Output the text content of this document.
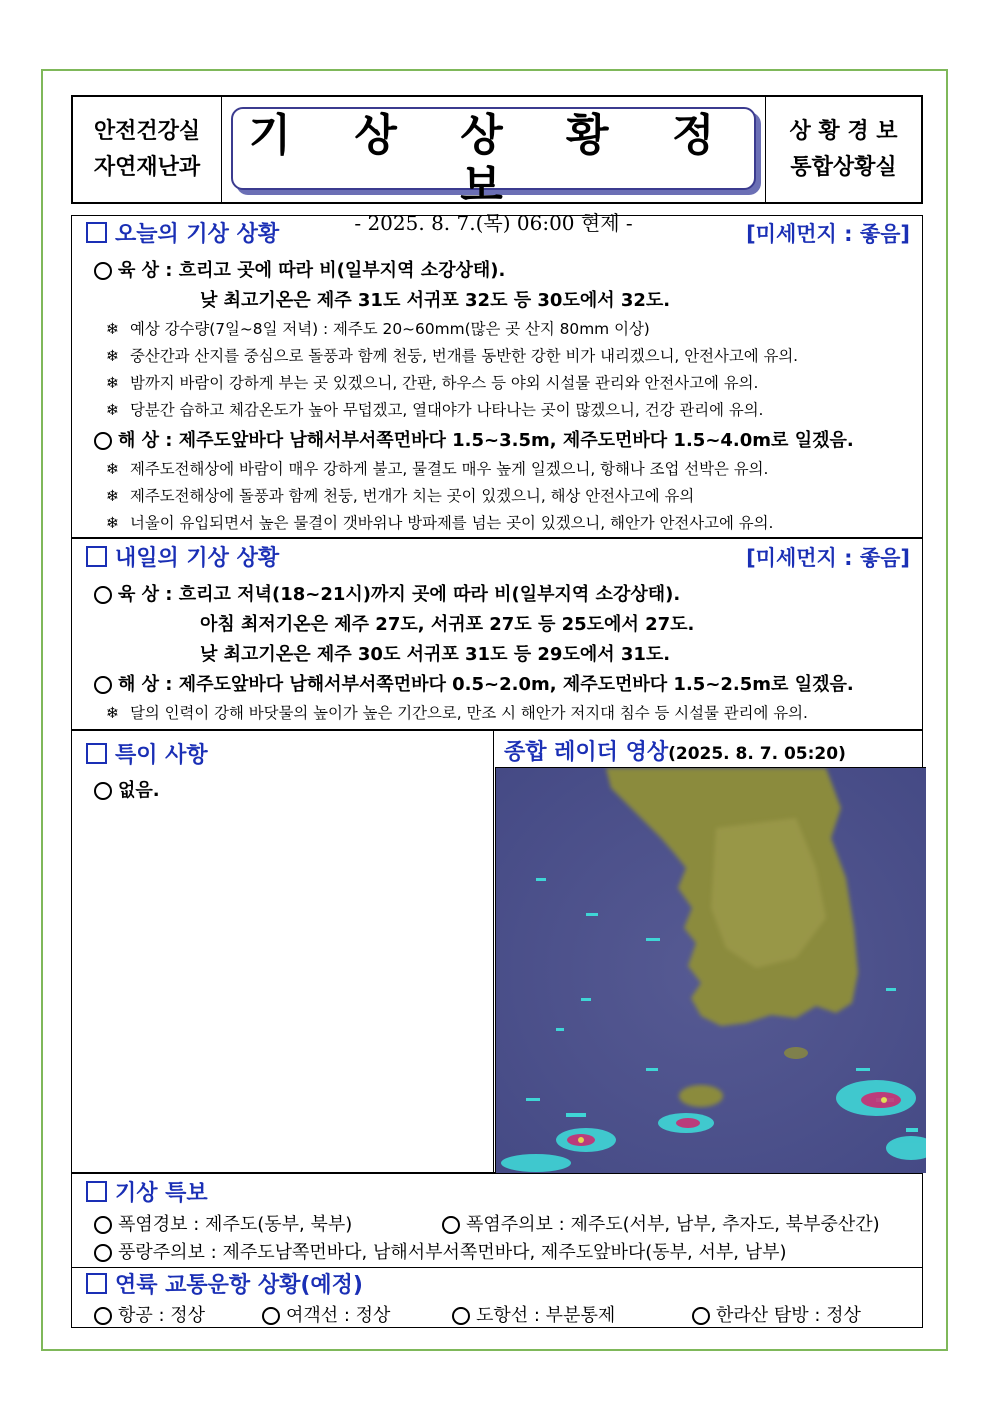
안전건강실
자연재난과
기 상 상 황 정 보
- 2025. 8. 7.(목) 06:00 현제 -
상 황 경 보
통합상황실
오늘의 기상 상황	[미세먼지 : 좋음]
육 상 : 흐리고 곳에 따라 비(일부지역 소강상태).
낮 최고기온은 제주 31도 서귀포 32도 등 30도에서 32도.
❄ 예상 강수량(7일~8일 저녁) : 제주도 20~60mm(많은 곳 산지 80mm 이상)
❄ 중산간과 산지를 중심으로 돌풍과 함께 천둥, 번개를 동반한 강한 비가 내리겠으니, 안전사고에 유의.
❄ 밤까지 바람이 강하게 부는 곳 있겠으니, 간판, 하우스 등 야외 시설물 관리와 안전사고에 유의.
❄ 당분간 습하고 체감온도가 높아 무덥겠고, 열대야가 나타나는 곳이 많겠으니, 건강 관리에 유의.
해 상 : 제주도앞바다 남해서부서쪽먼바다 1.5~3.5m, 제주도먼바다 1.5~4.0m로 일겠음.
❄ 제주도전해상에 바람이 매우 강하게 불고, 물결도 매우 높게 일겠으니, 항해나 조업 선박은 유의.
❄ 제주도전해상에 돌풍과 함께 천둥, 번개가 치는 곳이 있겠으니, 해상 안전사고에 유의
❄ 너울이 유입되면서 높은 물결이 갯바위나 방파제를 넘는 곳이 있겠으니, 해안가 안전사고에 유의.
내일의 기상 상황	[미세먼지 : 좋음]
육 상 : 흐리고 저녁(18~21시)까지 곳에 따라 비(일부지역 소강상태).
아침 최저기온은 제주 27도, 서귀포 27도 등 25도에서 27도.
낮 최고기온은 제주 30도 서귀포 31도 등 29도에서 31도.
해 상 : 제주도앞바다 남해서부서쪽먼바다 0.5~2.0m, 제주도먼바다 1.5~2.5m로 일겠음.
❄ 달의 인력이 강해 바닷물의 높이가 높은 기간으로, 만조 시 해안가 저지대 침수 등 시설물 관리에 유의.
특이 사항
없음.
종합 레이더 영상(2025. 8. 7. 05:20)
기상 특보
폭염경보 : 제주도(동부, 북부)	폭염주의보 : 제주도(서부, 남부, 추자도, 북부중산간)
풍랑주의보 : 제주도남쪽먼바다, 남해서부서쪽먼바다, 제주도앞바다(동부, 서부, 남부)
연륙 교통운항 상황(예정)
항공 : 정상	여객선 : 정상	도항선 : 부분통제	한라산 탐방 : 정상
